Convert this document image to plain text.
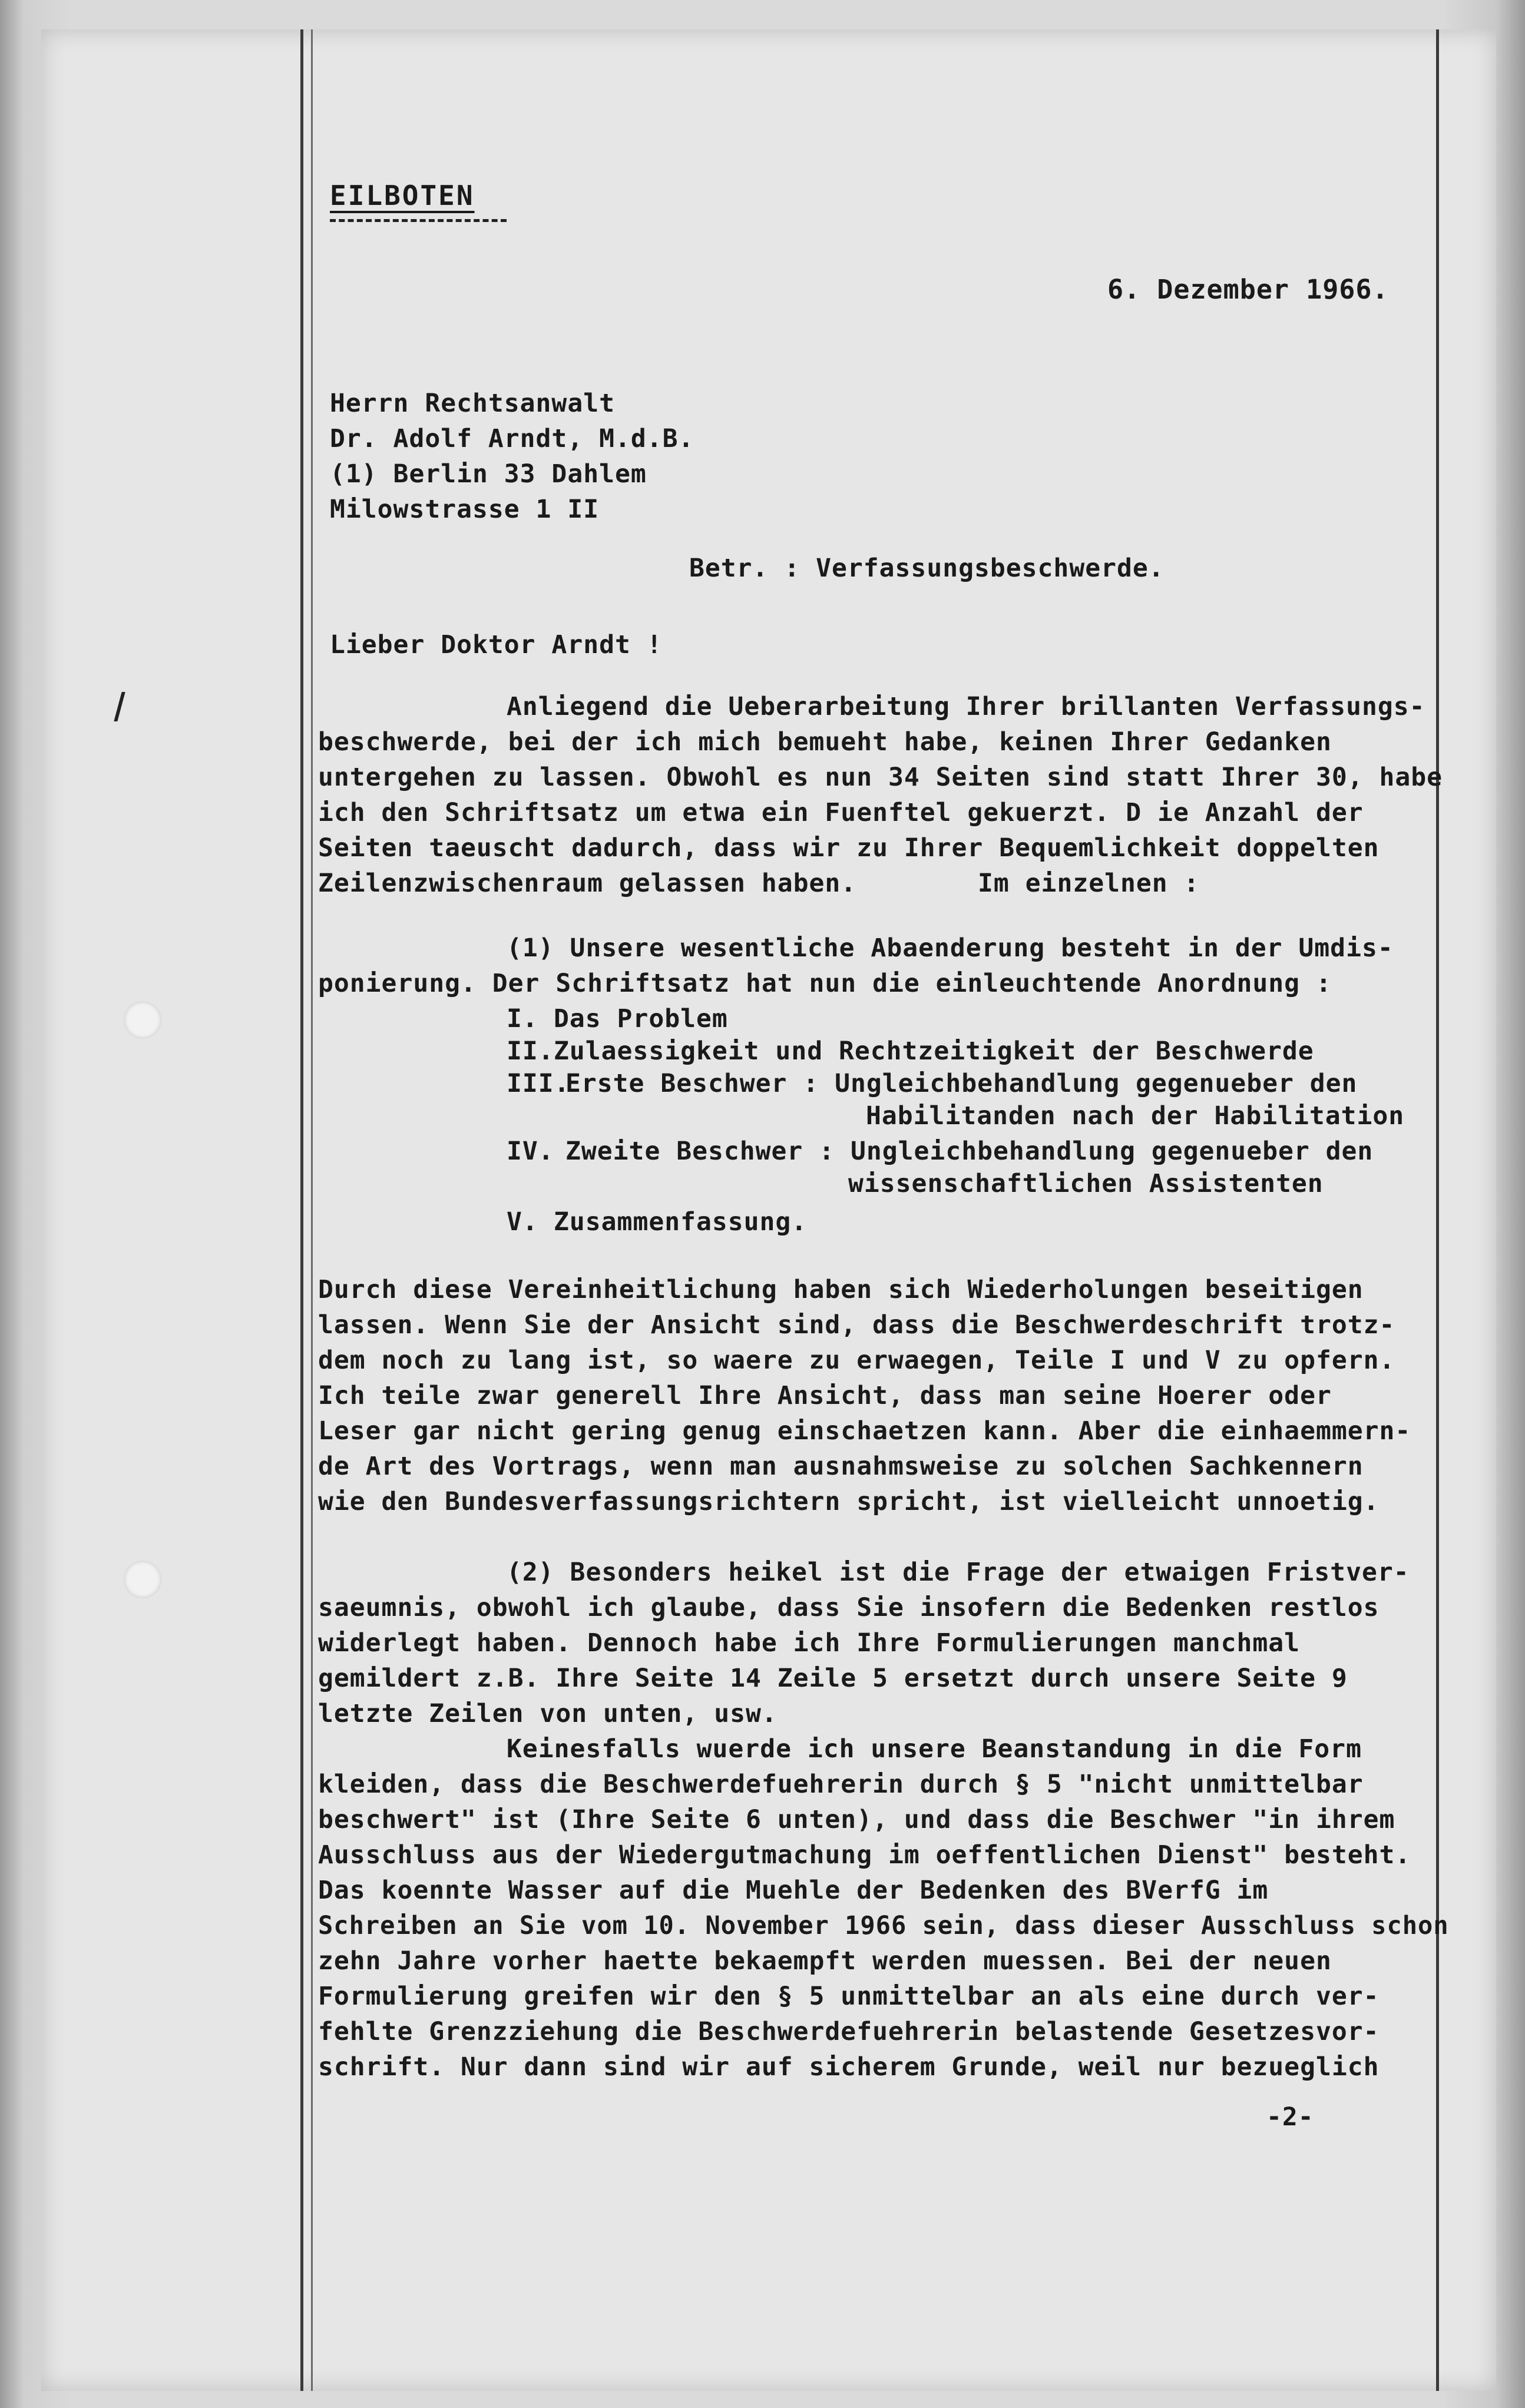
EILBOTEN
6. Dezember 1966.
Herrn Rechtsanwalt
Dr. Adolf Arndt, M.d.B.
(1) Berlin 33 Dahlem
Milowstrasse 1 II
Betr. : Verfassungsbeschwerde.
Lieber Doktor Arndt !
Anliegend die Ueberarbeitung Ihrer brillanten Verfassungs-
beschwerde, bei der ich mich bemueht habe, keinen Ihrer Gedanken
untergehen zu lassen. Obwohl es nun 34 Seiten sind statt Ihrer 30, habe
ich den Schriftsatz um etwa ein Fuenftel gekuerzt. D ie Anzahl der
Seiten taeuscht dadurch, dass wir zu Ihrer Bequemlichkeit doppelten
Zeilenzwischenraum gelassen haben.	Im einzelnen :
(1) Unsere wesentliche Abaenderung besteht in der Umdis-
ponierung. Der Schriftsatz hat nun die einleuchtende Anordnung :
I. Das Problem
II. Zulaessigkeit und Rechtzeitigkeit der Beschwerde
III.
Erste Beschwer : Ungleichbehandlung gegenueber den
Habilitanden nach der Habilitation
IV. Zweite Beschwer : Ungleichbehandlung gegenueber den
wissenschaftlichen Assistenten
V. Zusammenfassung.
Durch diese Vereinheitlichung haben sich Wiederholungen beseitigen
lassen. Wenn Sie der Ansicht sind, dass die Beschwerdeschrift trotz-
dem noch zu lang ist, so waere zu erwaegen, Teile I und V zu opfern.
Ich teile zwar generell Ihre Ansicht, dass man seine Hoerer oder
Leser gar nicht gering genug einschaetzen kann. Aber die einhaemmern-
de Art des Vortrags, wenn man ausnahmsweise zu solchen Sachkennern
wie den Bundesverfassungsrichtern spricht, ist vielleicht unnoetig.
(2) Besonders heikel ist die Frage der etwaigen Fristver-
saeumnis, obwohl ich glaube, dass Sie insofern die Bedenken restlos
widerlegt haben. Dennoch habe ich Ihre Formulierungen manchmal
gemildert z.B. Ihre Seite 14 Zeile 5 ersetzt durch unsere Seite 9
letzte Zeilen von unten, usw.
Keinesfalls wuerde ich unsere Beanstandung in die Form
kleiden, dass die Beschwerdefuehrerin durch § 5 "nicht unmittelbar
beschwert" ist (Ihre Seite 6 unten), und dass die Beschwer "in ihrem
Ausschluss aus der Wiedergutmachung im oeffentlichen Dienst" besteht.
Das koennte Wasser auf die Muehle der Bedenken des BVerfG im
Schreiben an Sie vom 10. November 1966 sein, dass dieser Ausschluss schon
zehn Jahre vorher haette bekaempft werden muessen. Bei der neuen
Formulierung greifen wir den § 5 unmittelbar an als eine durch ver-
fehlte Grenzziehung die Beschwerdefuehrerin belastende Gesetzesvor-
schrift. Nur dann sind wir auf sicherem Grunde, weil nur bezueglich
-2-
